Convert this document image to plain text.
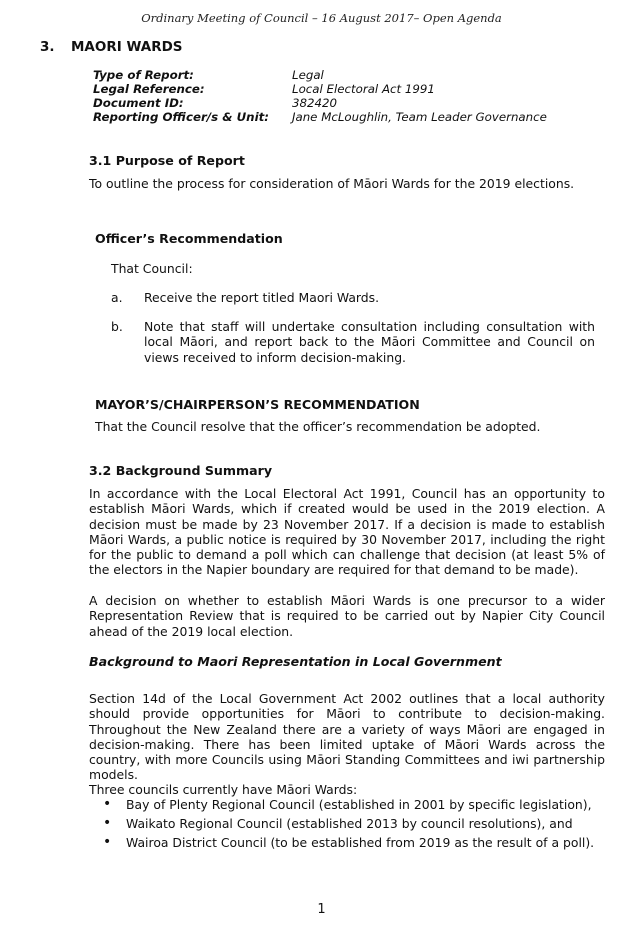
Ordinary Meeting of Council – 16 August 2017– Open Agenda
3. MAORI WARDS
Type of Report:	Legal
Legal Reference:	Local Electoral Act 1991
Document ID:	382420
Reporting Officer/s & Unit: Jane McLoughlin, Team Leader Governance
3.1 Purpose of Report
To outline the process for consideration of Māori Wards for the 2019 elections.
Officer’s Recommendation
That Council:
a. Receive the report titled Maori Wards.
b. Note that staff will undertake consultation including consultation with local Māori, and report back to the Māori Committee and Council on views received to inform decision-making.
MAYOR’S/CHAIRPERSON’S RECOMMENDATION
That the Council resolve that the officer’s recommendation be adopted.
3.2 Background Summary
In accordance with the Local Electoral Act 1991, Council has an opportunity to establish Māori Wards, which if created would be used in the 2019 election. A decision must be made by 23 November 2017. If a decision is made to establish Māori Wards, a public notice is required by 30 November 2017, including the right for the public to demand a poll which can challenge that decision (at least 5% of the electors in the Napier boundary are required for that demand to be made).
A decision on whether to establish Māori Wards is one precursor to a wider Representation Review that is required to be carried out by Napier City Council ahead of the 2019 local election.
Background to Maori Representation in Local Government
Section 14d of the Local Government Act 2002 outlines that a local authority should provide opportunities for Māori to contribute to decision-making. Throughout the New Zealand there are a variety of ways Māori are engaged in decision-making. There has been limited uptake of Māori Wards across the country, with more Councils using Māori Standing Committees and iwi partnership models.
Three councils currently have Māori Wards:
• Bay of Plenty Regional Council (established in 2001 by specific legislation),
• Waikato Regional Council (established 2013 by council resolutions), and
• Wairoa District Council (to be established from 2019 as the result of a poll).
1
